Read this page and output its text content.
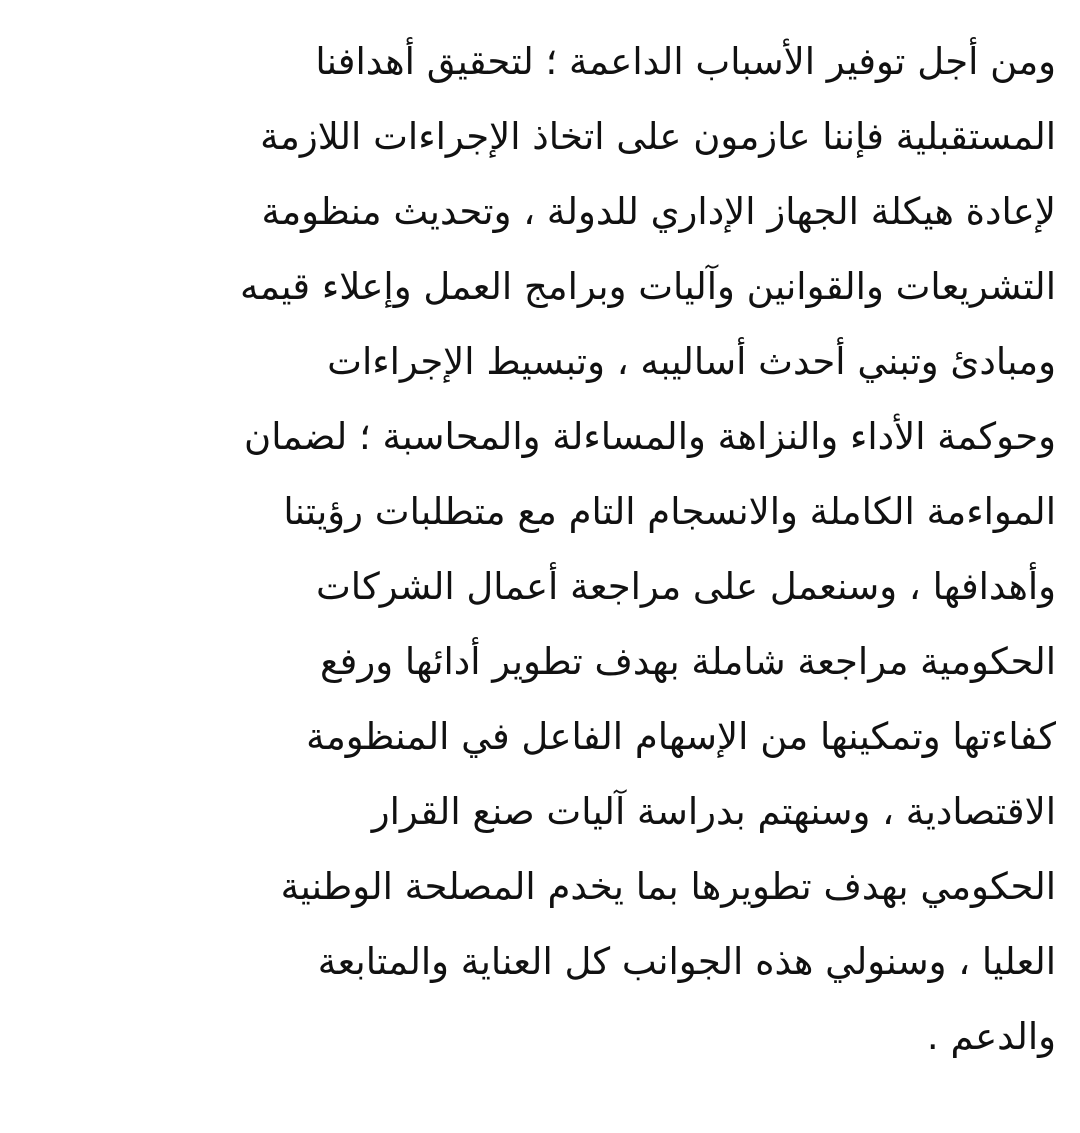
ومن أجل توفير الأسباب الداعمة ؛ لتحقيق أهدافنا
المستقبلية فإننا عازمون على اتخاذ الإجراءات اللازمة
لإعادة هيكلة الجهاز الإداري للدولة ، وتحديث منظومة
التشريعات والقوانين وآليات وبرامج العمل وإعلاء قيمه
ومبادئ وتبني أحدث أساليبه ، وتبسيط الإجراءات
وحوكمة الأداء والنزاهة والمساءلة والمحاسبة ؛ لضمان
المواءمة الكاملة والانسجام التام مع متطلبات رؤيتنا
وأهدافها ، وسنعمل على مراجعة أعمال الشركات
الحكومية مراجعة شاملة بهدف تطوير أدائها ورفع
كفاءتها وتمكينها من الإسهام الفاعل في المنظومة
الاقتصادية ، وسنهتم بدراسة آليات صنع القرار
الحكومي بهدف تطويرها بما يخدم المصلحة الوطنية
العليا ، وسنولي هذه الجوانب كل العناية والمتابعة
والدعم .
